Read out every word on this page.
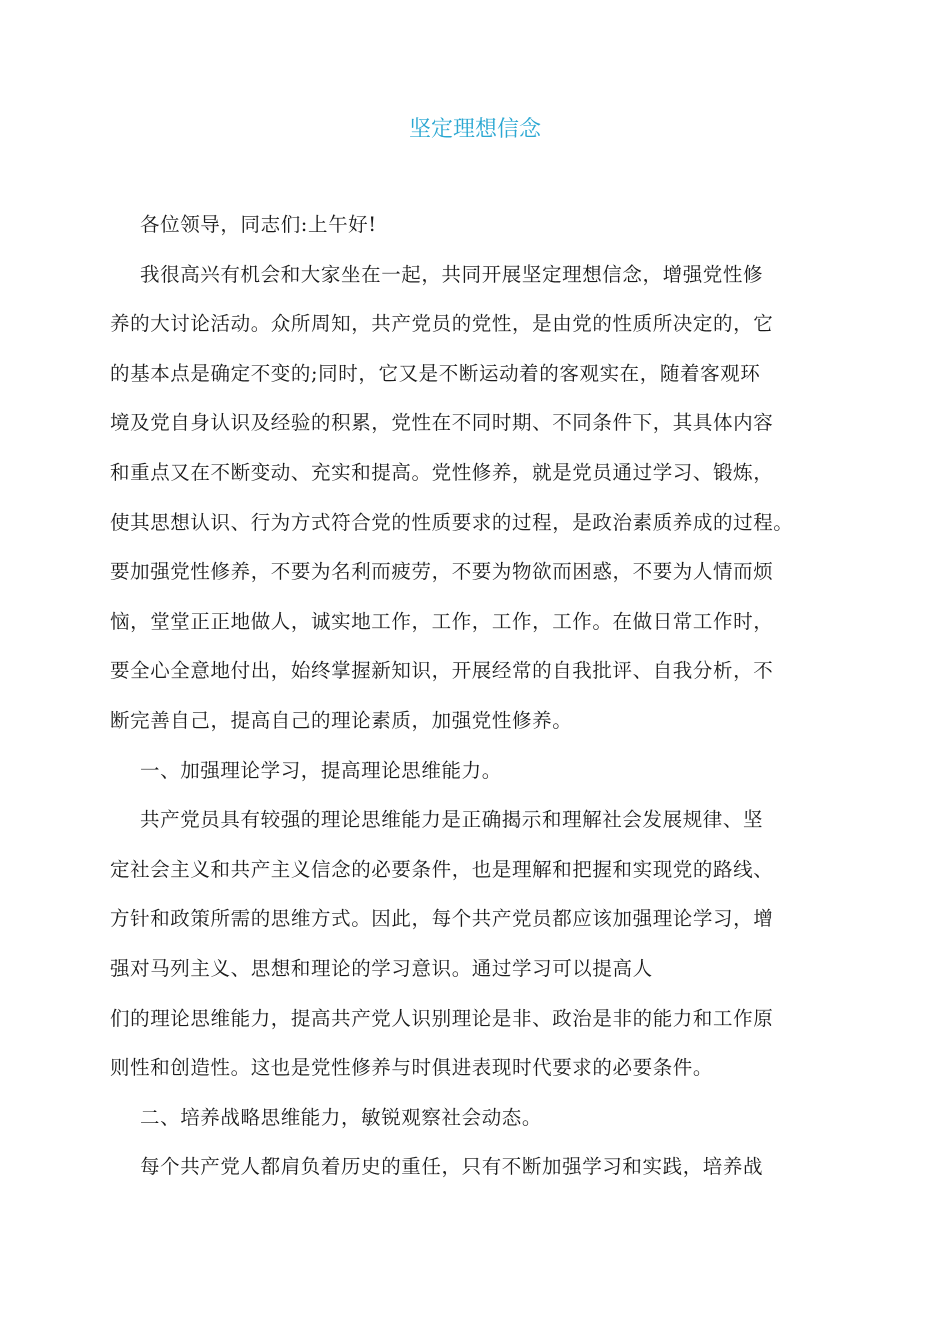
坚定理想信念
各位领导，同志们:上午好!
我很高兴有机会和大家坐在一起，共同开展坚定理想信念，增强党性修
养的大讨论活动。众所周知，共产党员的党性，是由党的性质所决定的，它
的基本点是确定不变的;同时，它又是不断运动着的客观实在，随着客观环
境及党自身认识及经验的积累，党性在不同时期、不同条件下，其具体内容
和重点又在不断变动、充实和提高。党性修养，就是党员通过学习、锻炼，
使其思想认识、行为方式符合党的性质要求的过程，是政治素质养成的过程。
要加强党性修养，不要为名利而疲劳，不要为物欲而困惑，不要为人情而烦
恼，堂堂正正地做人，诚实地工作，工作，工作，工作。在做日常工作时，
要全心全意地付出，始终掌握新知识，开展经常的自我批评、自我分析，不
断完善自己，提高自己的理论素质，加强党性修养。
一、加强理论学习，提高理论思维能力。
共产党员具有较强的理论思维能力是正确揭示和理解社会发展规律、坚
定社会主义和共产主义信念的必要条件，也是理解和把握和实现党的路线、
方针和政策所需的思维方式。因此，每个共产党员都应该加强理论学习，增
强对马列主义、思想和理论的学习意识。通过学习可以提高人
们的理论思维能力，提高共产党人识别理论是非、政治是非的能力和工作原
则性和创造性。这也是党性修养与时俱进表现时代要求的必要条件。
二、培养战略思维能力，敏锐观察社会动态。
每个共产党人都肩负着历史的重任，只有不断加强学习和实践，培养战
